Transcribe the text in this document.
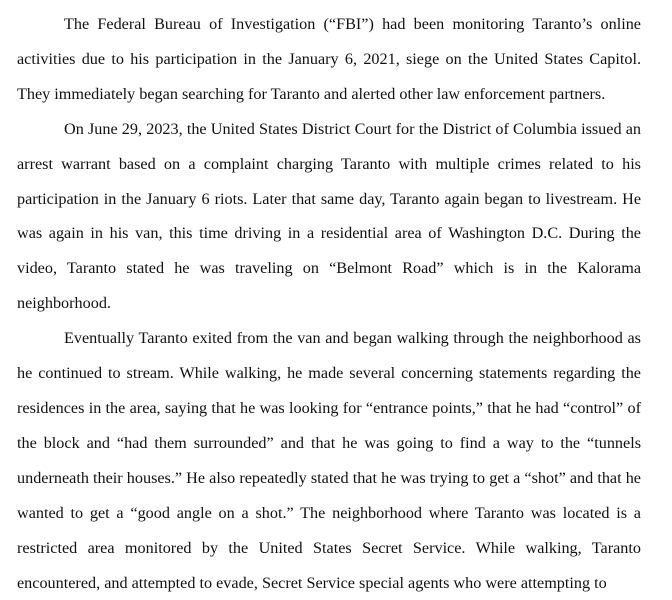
The Federal Bureau of Investigation (“FBI”) had been monitoring Taranto’s online activities due to his participation in the January 6, 2021, siege on the United States Capitol. They immediately began searching for Taranto and alerted other law enforcement partners.

On June 29, 2023, the United States District Court for the District of Columbia issued an arrest warrant based on a complaint charging Taranto with multiple crimes related to his participation in the January 6 riots. Later that same day, Taranto again began to livestream. He was again in his van, this time driving in a residential area of Washington D.C. During the video, Taranto stated he was traveling on “Belmont Road” which is in the Kalorama neighborhood.

Eventually Taranto exited from the van and began walking through the neighborhood as he continued to stream. While walking, he made several concerning statements regarding the residences in the area, saying that he was looking for “entrance points,” that he had “control” of the block and “had them surrounded” and that he was going to find a way to the “tunnels underneath their houses.” He also repeatedly stated that he was trying to get a “shot” and that he wanted to get a “good angle on a shot.” The neighborhood where Taranto was located is a restricted area monitored by the United States Secret Service. While walking, Taranto encountered, and attempted to evade, Secret Service special agents who were attempting to
